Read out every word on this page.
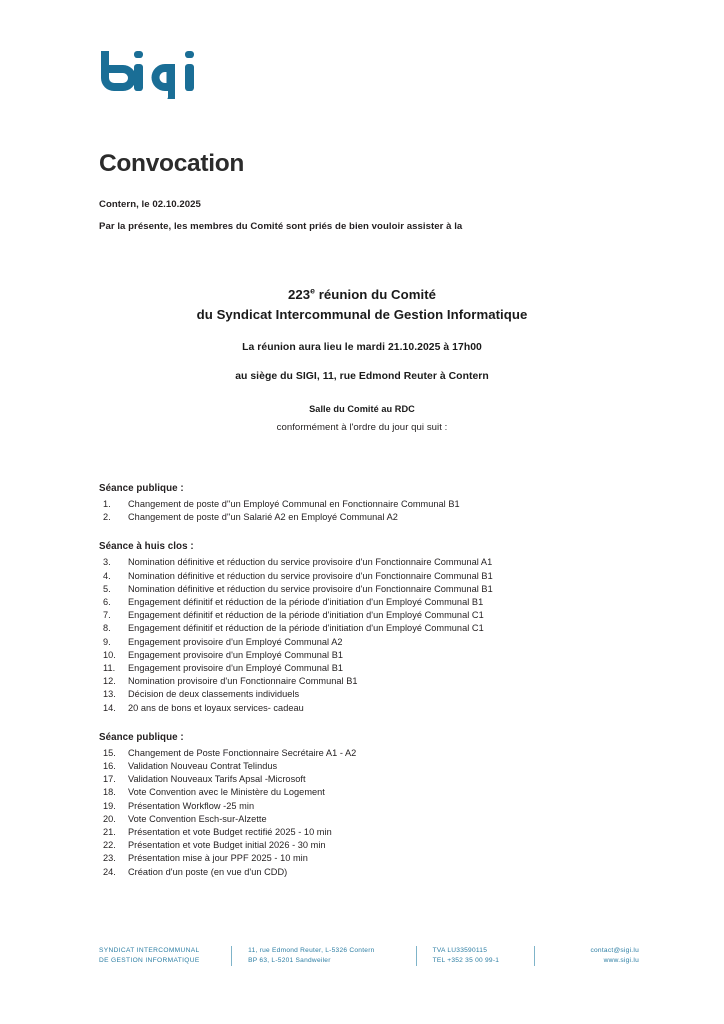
Convocation
Contern, le 02.10.2025
Par la présente, les membres du Comité sont priés de bien vouloir assister à la
223e réunion du Comité
du Syndicat Intercommunal de Gestion Informatique
La réunion aura lieu le mardi 21.10.2025 à 17h00
au siège du SIGI, 11, rue Edmond Reuter à Contern
Salle du Comité au RDC
conformément à l'ordre du jour qui suit :
Séance publique :
1.	Changement de poste d''un Employé Communal en Fonctionnaire Communal B1
2.	Changement de poste d''un Salarié A2 en Employé Communal A2
Séance à huis clos :
3.	Nomination définitive et réduction du service provisoire d'un Fonctionnaire Communal A1
4.	Nomination définitive et réduction du service provisoire d'un Fonctionnaire Communal B1
5.	Nomination définitive et réduction du service provisoire d'un Fonctionnaire Communal B1
6.	Engagement définitif et réduction de la période d'initiation d'un Employé Communal B1
7.	Engagement définitif et réduction de la période d'initiation d'un Employé Communal C1
8.	Engagement définitif et réduction de la période d'initiation d'un Employé Communal C1
9.	Engagement provisoire d'un Employé Communal A2
10.	Engagement provisoire d'un Employé Communal B1
11.	Engagement provisoire d'un Employé Communal B1
12.	Nomination provisoire d'un Fonctionnaire Communal B1
13.	Décision de deux classements individuels
14.	20 ans de bons et loyaux services- cadeau
Séance publique :
15.	Changement de Poste Fonctionnaire Secrétaire A1 - A2
16.	Validation Nouveau Contrat Telindus
17.	Validation Nouveaux Tarifs Apsal -Microsoft
18.	Vote Convention avec le Ministère du Logement
19.	Présentation Workflow -25 min
20.	Vote Convention Esch-sur-Alzette
21.	Présentation et vote Budget rectifié 2025 - 10 min
22.	Présentation et vote Budget initial 2026 - 30 min
23.	Présentation mise à jour PPF 2025 - 10 min
24.	Création d'un poste (en vue d'un CDD)
SYNDICAT INTERCOMMUNAL
DE GESTION INFORMATIQUE
11, rue Edmond Reuter, L-5326 Contern
BP 63, L-5201 Sandweiler
TVA LU33590115
TEL +352 35 00 99-1
contact@sigi.lu
www.sigi.lu
